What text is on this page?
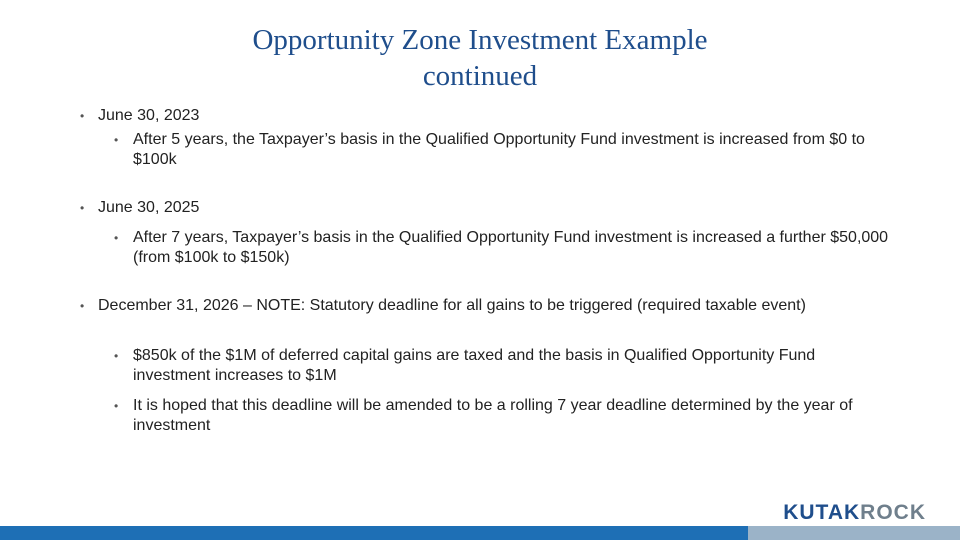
Opportunity Zone Investment Example
continued
• June 30, 2023
• After 5 years, the Taxpayer’s basis in the Qualified Opportunity Fund investment is increased from $0 to $100k
• June 30, 2025
• After 7 years, Taxpayer’s basis in the Qualified Opportunity Fund investment is increased a further $50,000 (from $100k to $150k)
• December 31, 2026 – NOTE: Statutory deadline for all gains to be triggered (required taxable event)
• $850k of the $1M of deferred capital gains are taxed and the basis in Qualified Opportunity Fund investment increases to $1M
• It is hoped that this deadline will be amended to be a rolling 7 year deadline determined by the year of investment
KUTAKROCK
